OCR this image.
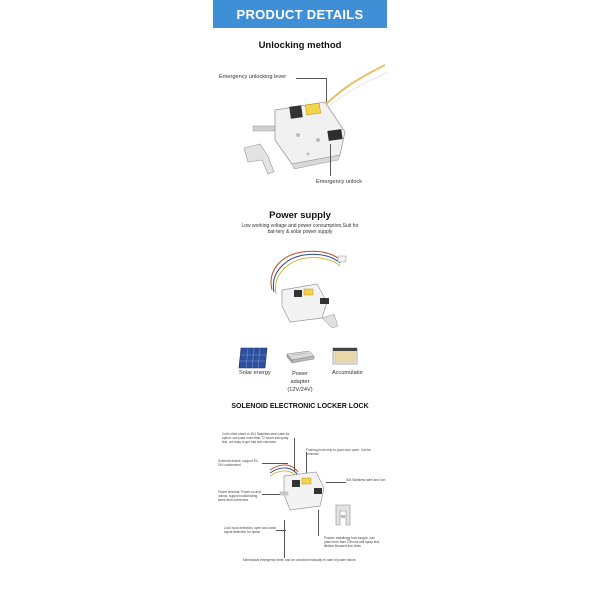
PRODUCT DETAILS
Unlocking method
Emergency unlocking lever
Emergency unlock
Power supply
Low working voltage and power consumption,Suit for bat-tery & solar power supply
Solar energy	Power adapter (12V/24V)
Accumulator
SOLENOID ELECTRONIC LOCKER LOCK
Cold rolled sheet or 304 Stainless steel case for option; can pass more than 72 hours salt spray test, not easy to get rust and corrosion
Solenoid device, support 5V-24V customized
Power terminal, Power on and unlock, support customizing wires and connectors
Lock hook detection, open and close signal detection for option
Pushing bone help to push door open. Can be removed.
304 Stainless steel and Iron ...
Powder metallurgy lock tongue, can pass more than 72hours salt spray test, lifetime Boosted,Iron 8mm
Mechanical emergency lever, can be unlocked manually in case of power failure
